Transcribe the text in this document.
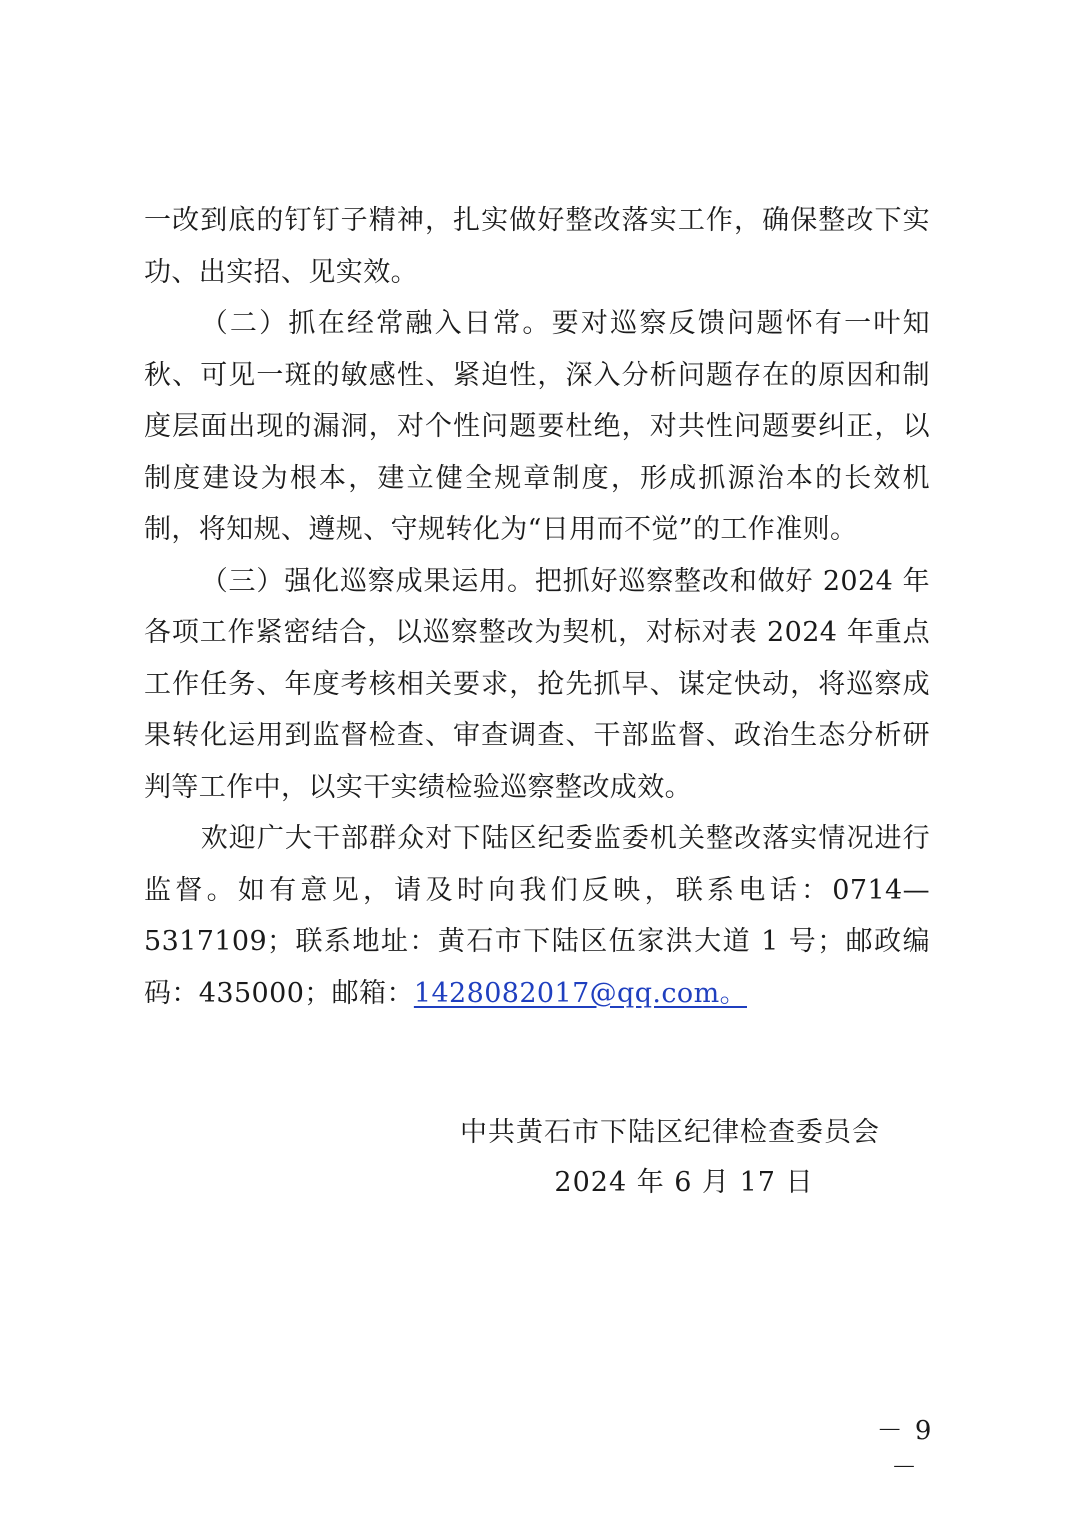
一改到底的钉钉子精神，扎实做好整改落实工作，确保整改下实功、出实招、见实效。

（二）抓在经常融入日常。要对巡察反馈问题怀有一叶知秋、可见一斑的敏感性、紧迫性，深入分析问题存在的原因和制度层面出现的漏洞，对个性问题要杜绝，对共性问题要纠正，以制度建设为根本，建立健全规章制度，形成抓源治本的长效机制，将知规、遵规、守规转化为“日用而不觉”的工作准则。

（三）强化巡察成果运用。把抓好巡察整改和做好 2024 年各项工作紧密结合，以巡察整改为契机，对标对表 2024 年重点工作任务、年度考核相关要求，抢先抓早、谋定快动，将巡察成果转化运用到监督检查、审查调查、干部监督、政治生态分析研判等工作中，以实干实绩检验巡察整改成效。

欢迎广大干部群众对下陆区纪委监委机关整改落实情况进行监督。如有意见，请及时向我们反映，联系电话：0714—5317109；联系地址：黄石市下陆区伍家洪大道 1 号；邮政编码：435000；邮箱：1428082017@qq.com。

中共黄石市下陆区纪律检查委员会
2024 年 6 月 17 日
－ 9 －
